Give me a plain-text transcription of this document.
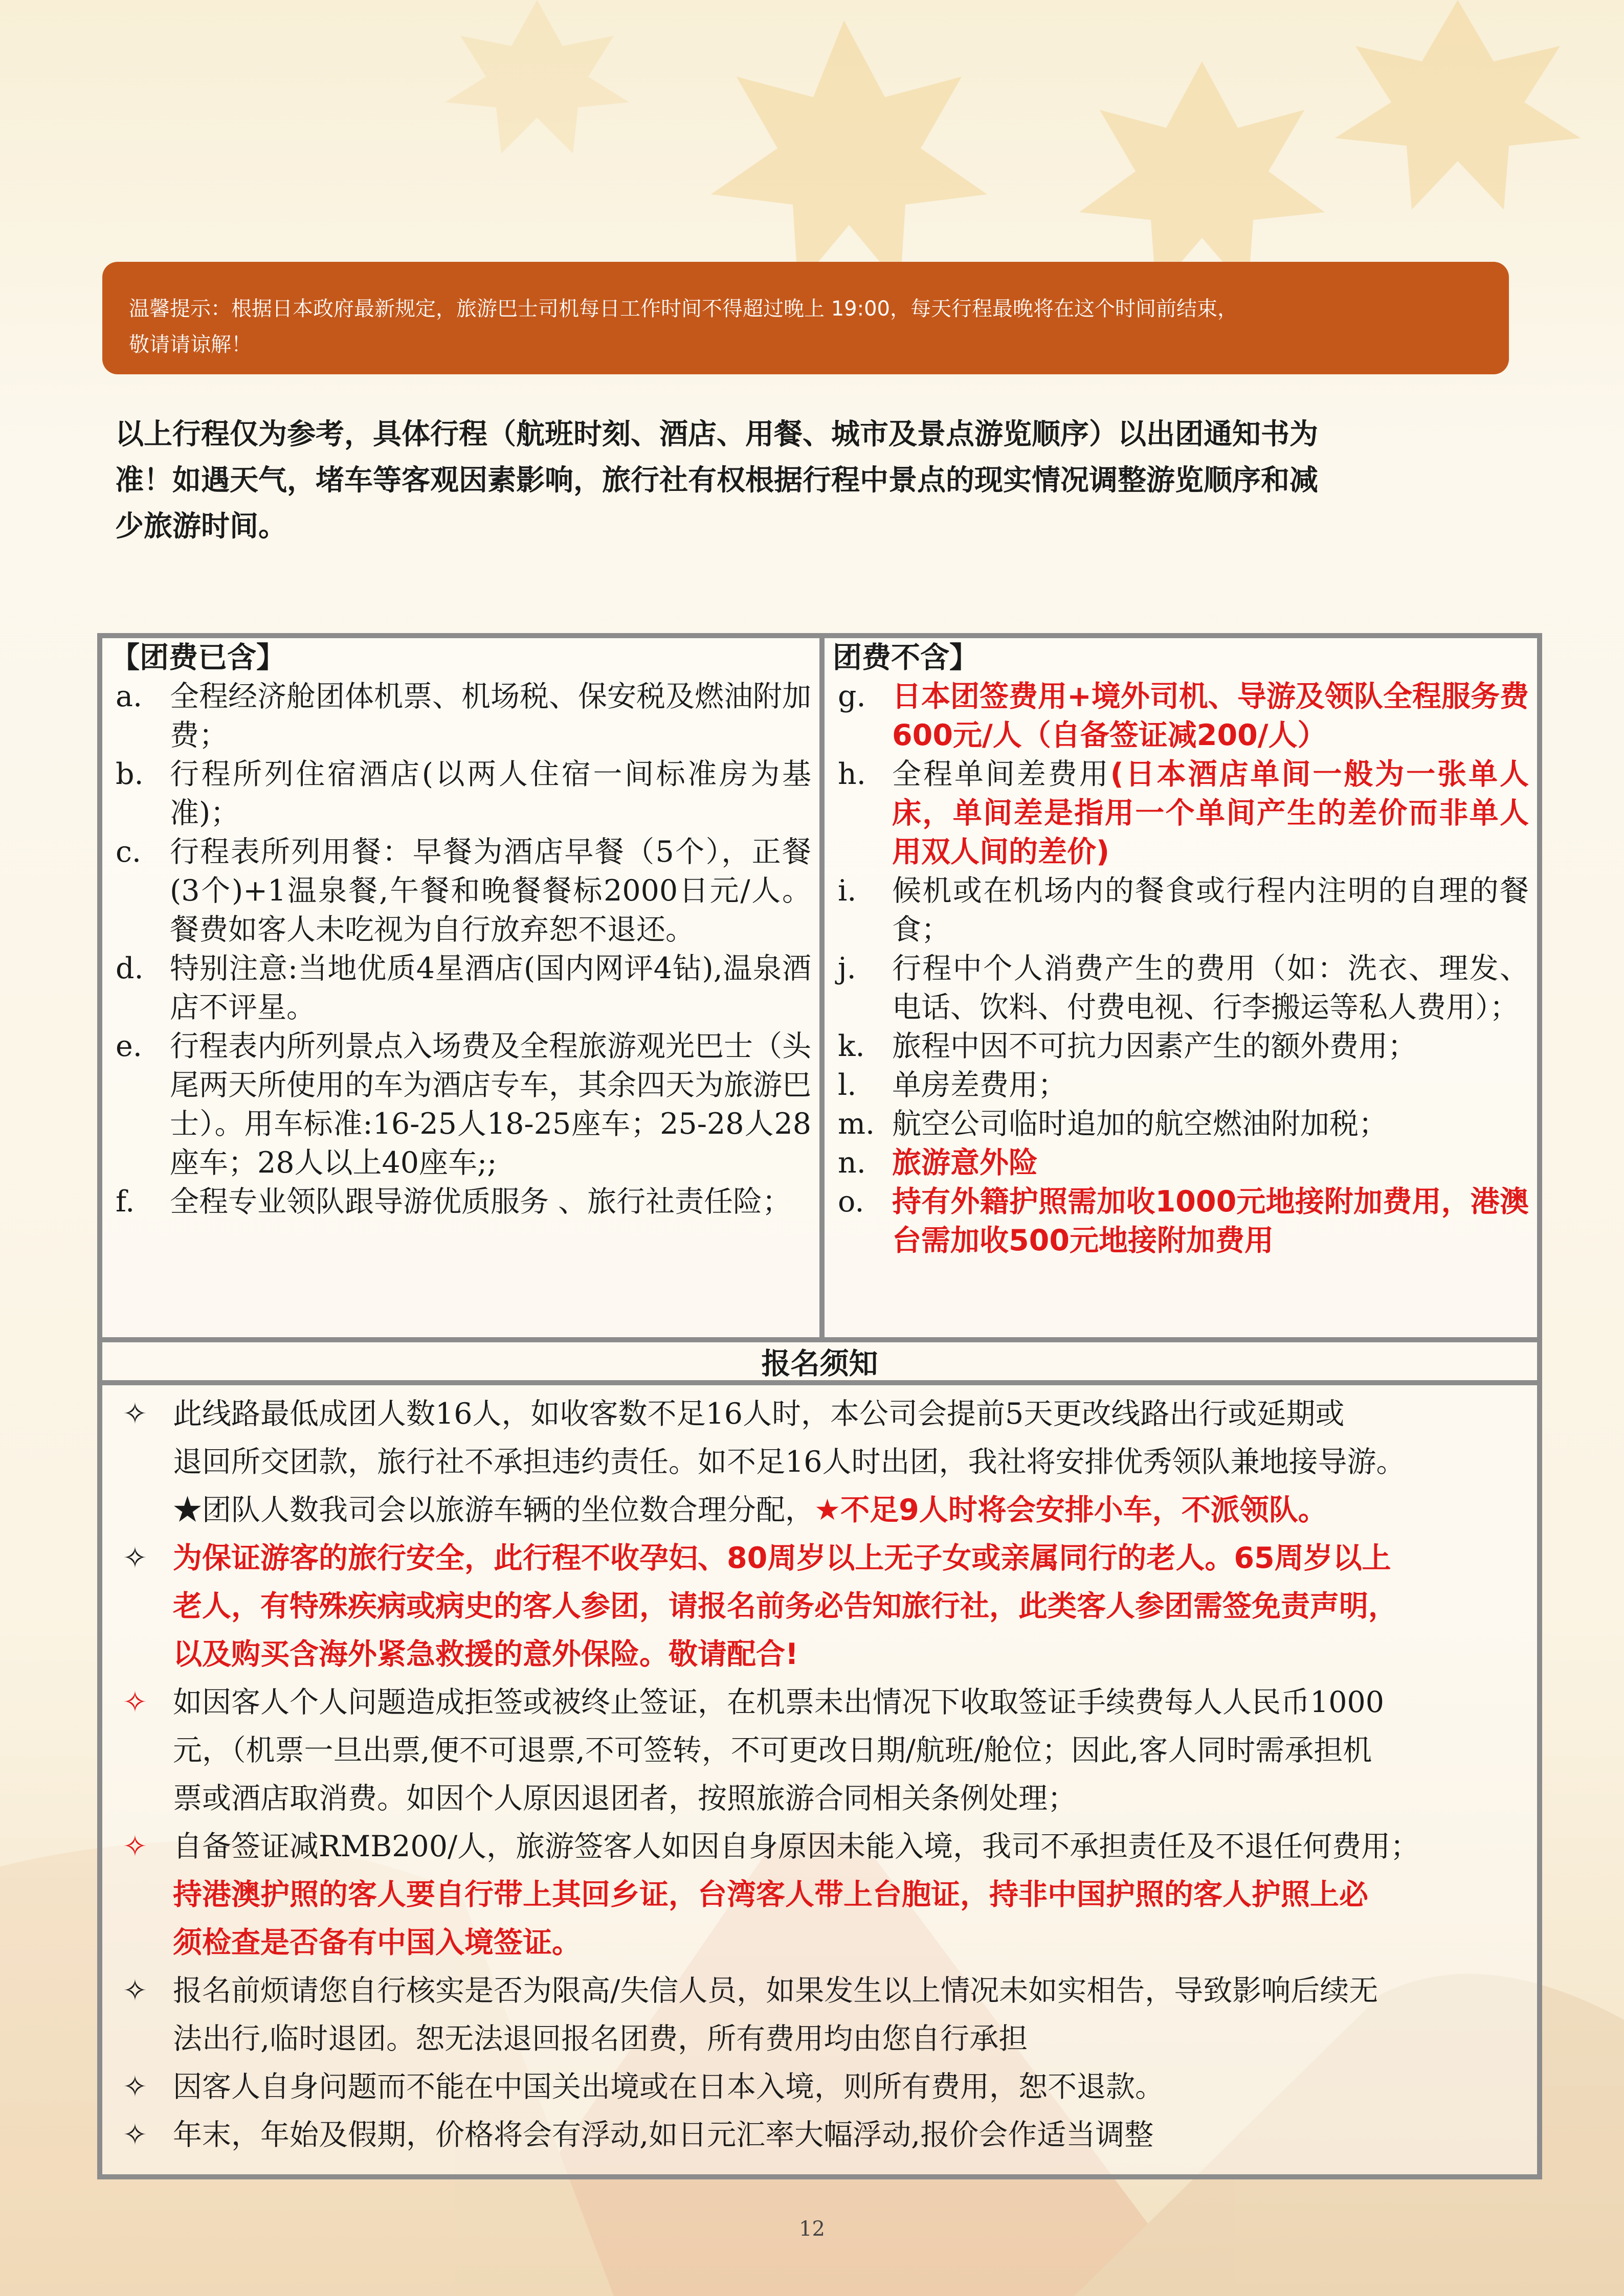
温馨提示：根据日本政府最新规定，旅游巴士司机每日工作时间不得超过晚上 19:00，每天行程最晚将在这个时间前结束，
敬请请谅解！
以上行程仅为参考，具体行程（航班时刻、酒店、用餐、城市及景点游览顺序）以出团通知书为
准！如遇天气，堵车等客观因素影响，旅行社有权根据行程中景点的现实情况调整游览顺序和减
少旅游时间。
【团费已含】
a. 全程经济舱团体机票、机场税、保安税及燃油附加费；
b. 行程所列住宿酒店(以两人住宿一间标准房为基准)；
c. 行程表所列用餐：早餐为酒店早餐（5个），正餐(3个)+1温泉餐,午餐和晚餐餐标2000日元/人。餐费如客人未吃视为自行放弃恕不退还。
d. 特别注意:当地优质4星酒店(国内网评4钻),温泉酒店不评星。
e. 行程表内所列景点入场费及全程旅游观光巴士（头尾两天所使用的车为酒店专车，其余四天为旅游巴士）。用车标准:16-25人18-25座车；25-28人28座车；28人以上40座车;;
f.	全程专业领队跟导游优质服务 、旅行社责任险；
团费不含】
g. 日本团签费用+境外司机、导游及领队全程服务费600元/人（自备签证减200/人）
h. 全程单间差费用(日本酒店单间一般为一张单人床，单间差是指用一个单间产生的差价而非单人用双人间的差价)
i.	候机或在机场内的餐食或行程内注明的自理的餐食；
j.	行程中个人消费产生的费用（如：洗衣、理发、电话、饮料、付费电视、行李搬运等私人费用）；
k. 旅程中因不可抗力因素产生的额外费用；
l.	单房差费用；
m. 航空公司临时追加的航空燃油附加税；
n. 旅游意外险
o. 持有外籍护照需加收1000元地接附加费用，港澳台需加收500元地接附加费用
报名须知
✧ 此线路最低成团人数16人，如收客数不足16人时，本公司会提前5天更改线路出行或延期或
退回所交团款，旅行社不承担违约责任。如不足16人时出团，我社将安排优秀领队兼地接导游。
★团队人数我司会以旅游车辆的坐位数合理分配，★不足9人时将会安排小车，不派领队。
✧ 为保证游客的旅行安全，此行程不收孕妇、80周岁以上无子女或亲属同行的老人。65周岁以上
老人，有特殊疾病或病史的客人参团，请报名前务必告知旅行社，此类客人参团需签免责声明，
以及购买含海外紧急救援的意外保险。敬请配合!
✧ 如因客人个人问题造成拒签或被终止签证，在机票未出情况下收取签证手续费每人人民币1000
元，（机票一旦出票,便不可退票,不可签转，不可更改日期/航班/舱位；因此,客人同时需承担机
票或酒店取消费。如因个人原因退团者，按照旅游合同相关条例处理；
✧ 自备签证减RMB200/人，旅游签客人如因自身原因未能入境，我司不承担责任及不退任何费用；
持港澳护照的客人要自行带上其回乡证，台湾客人带上台胞证，持非中国护照的客人护照上必
须检查是否备有中国入境签证。
✧ 报名前烦请您自行核实是否为限高/失信人员，如果发生以上情况未如实相告，导致影响后续无
法出行,临时退团。恕无法退回报名团费，所有费用均由您自行承担
✧ 因客人自身问题而不能在中国关出境或在日本入境，则所有费用，恕不退款。
✧ 年末，年始及假期，价格将会有浮动,如日元汇率大幅浮动,报价会作适当调整
12
